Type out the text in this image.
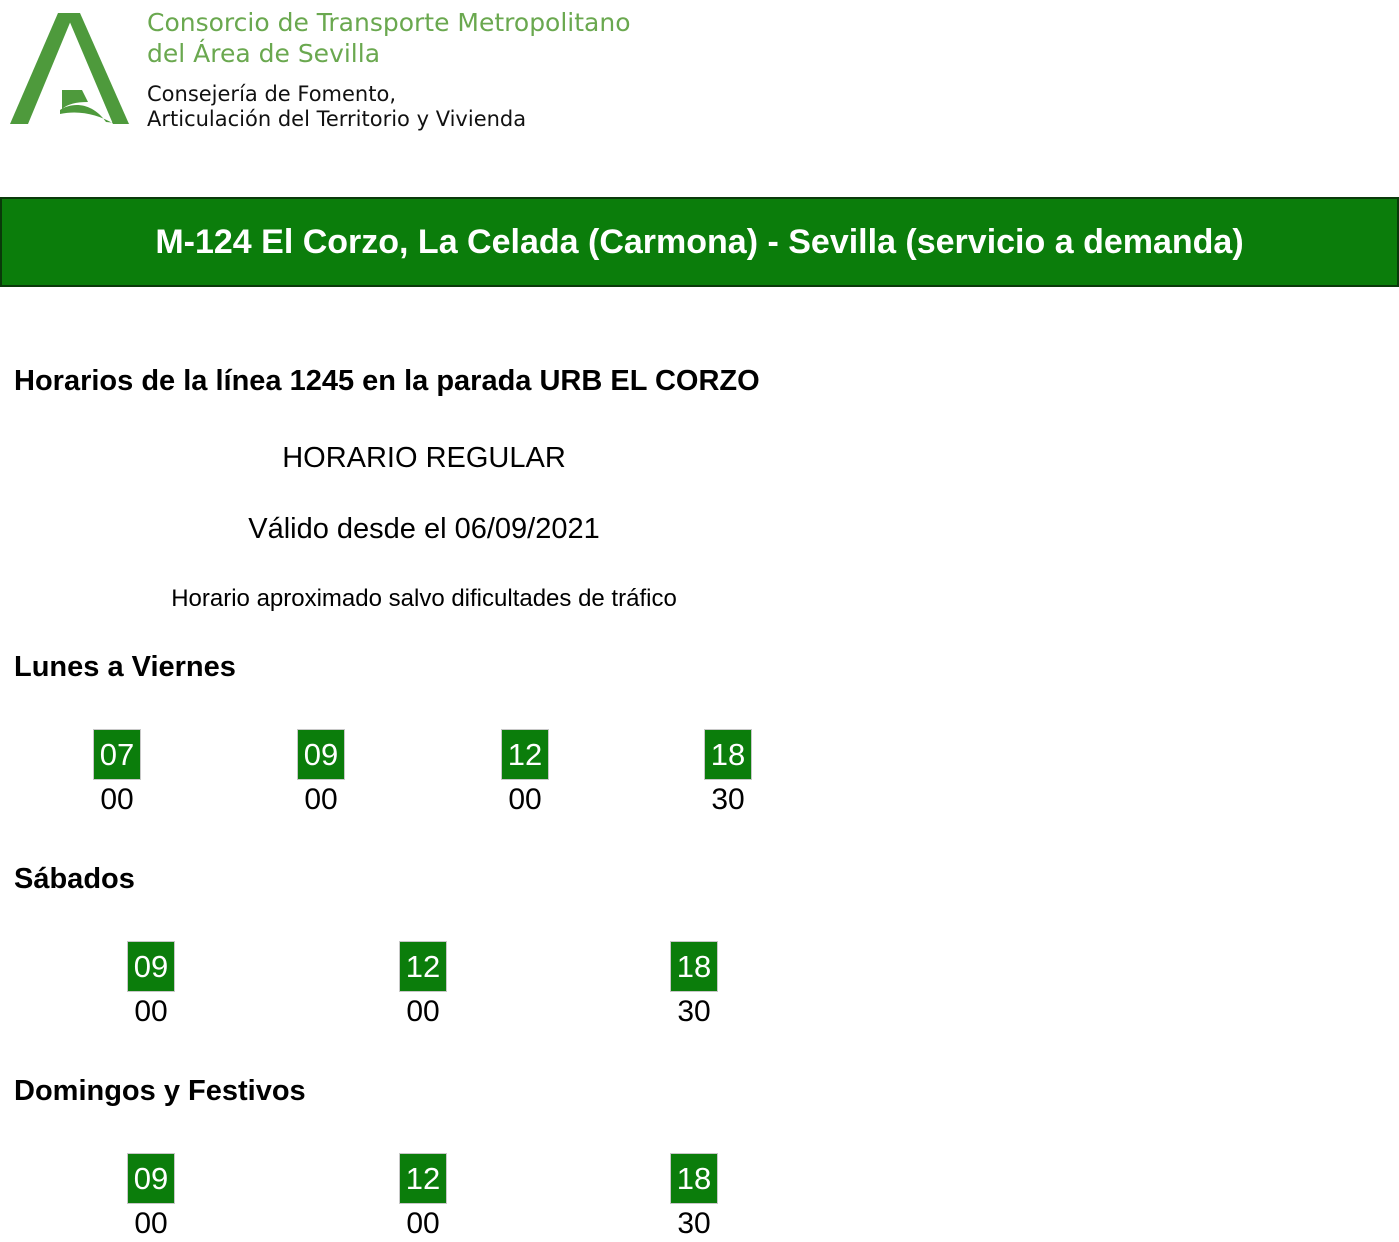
Consorcio de Transporte Metropolitano
del Área de Sevilla
Consejería de Fomento,
Articulación del Territorio y Vivienda
M-124 El Corzo, La Celada (Carmona) - Sevilla (servicio a demanda)
Horarios de la línea 1245 en la parada URB EL CORZO
HORARIO REGULAR
Válido desde el 06/09/2021
Horario aproximado salvo dificultades de tráfico
Lunes a Viernes
07
00
09
00
12
00
18
30
Sábados
09
00
12
00
18
30
Domingos y Festivos
09
00
12
00
18
30
